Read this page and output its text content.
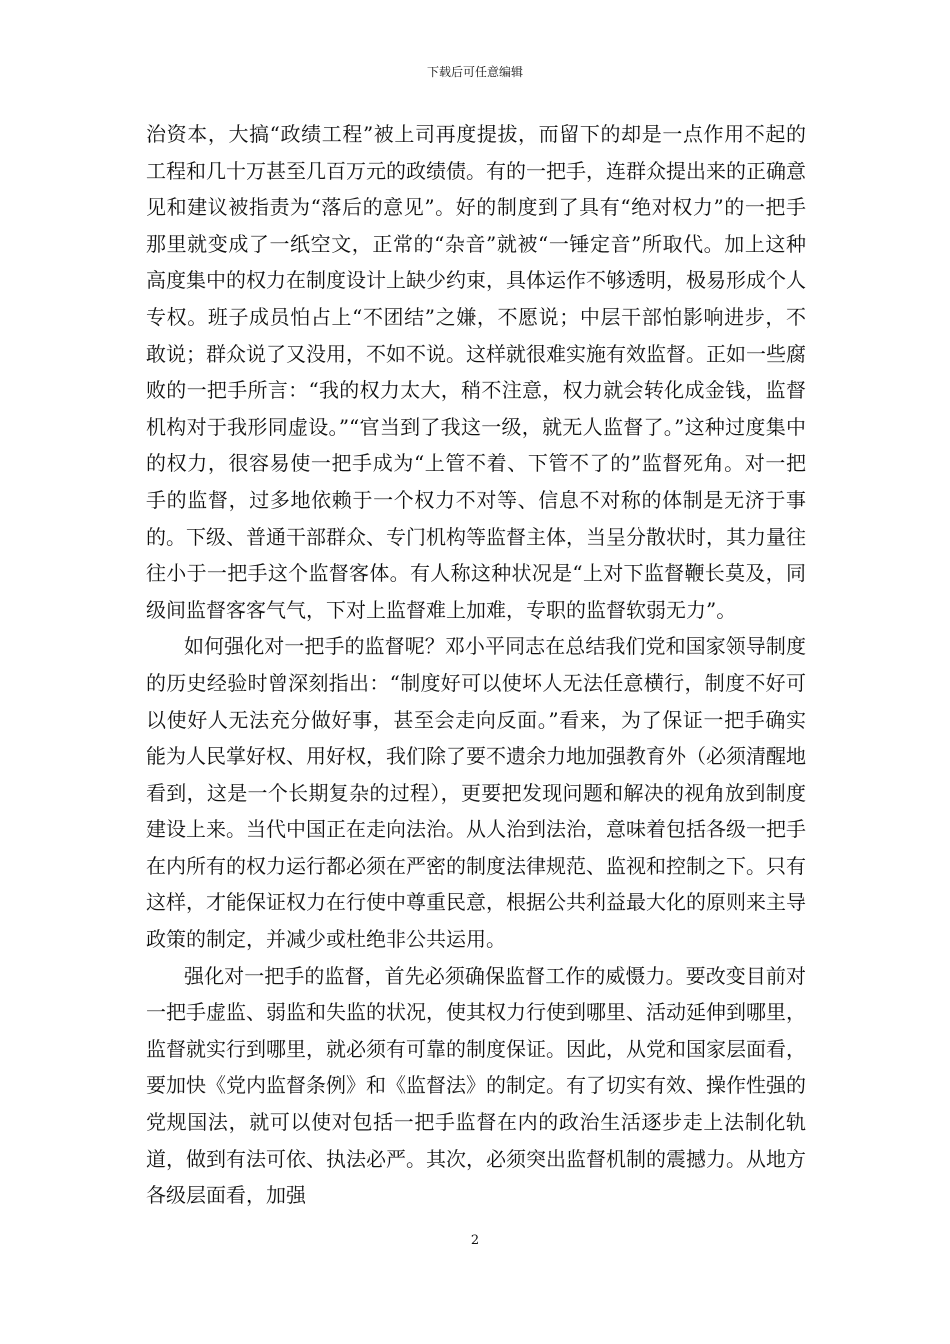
下载后可任意编辑

治资本，大搞“政绩工程”被上司再度提拔，而留下的却是一点作用不起的工程和几十万甚至几百万元的政绩债。有的一把手，连群众提出来的正确意见和建议被指责为“落后的意见”。好的制度到了具有“绝对权力”的一把手那里就变成了一纸空文，正常的“杂音”就被“一锤定音”所取代。加上这种高度集中的权力在制度设计上缺少约束，具体运作不够透明，极易形成个人专权。班子成员怕占上“不团结”之嫌，不愿说；中层干部怕影响进步，不敢说；群众说了又没用，不如不说。这样就很难实施有效监督。正如一些腐败的一把手所言：“我的权力太大，稍不注意，权力就会转化成金钱，监督机构对于我形同虚设。”“官当到了我这一级，就无人监督了。”这种过度集中的权力，很容易使一把手成为“上管不着、下管不了的”监督死角。对一把手的监督，过多地依赖于一个权力不对等、信息不对称的体制是无济于事的。下级、普通干部群众、专门机构等监督主体，当呈分散状时，其力量往往小于一把手这个监督客体。有人称这种状况是“上对下监督鞭长莫及，同级间监督客客气气，下对上监督难上加难，专职的监督软弱无力”。

如何强化对一把手的监督呢？邓小平同志在总结我们党和国家领导制度的历史经验时曾深刻指出：“制度好可以使坏人无法任意横行，制度不好可以使好人无法充分做好事，甚至会走向反面。”看来，为了保证一把手确实能为人民掌好权、用好权，我们除了要不遗余力地加强教育外（必须清醒地看到，这是一个长期复杂的过程），更要把发现问题和解决的视角放到制度建设上来。当代中国正在走向法治。从人治到法治，意味着包括各级一把手在内所有的权力运行都必须在严密的制度法律规范、监视和控制之下。只有这样，才能保证权力在行使中尊重民意，根据公共利益最大化的原则来主导政策的制定，并减少或杜绝非公共运用。

强化对一把手的监督，首先必须确保监督工作的威慑力。要改变目前对一把手虚监、弱监和失监的状况，使其权力行使到哪里、活动延伸到哪里，监督就实行到哪里，就必须有可靠的制度保证。因此，从党和国家层面看，要加快《党内监督条例》和《监督法》的制定。有了切实有效、操作性强的党规国法，就可以使对包括一把手监督在内的政治生活逐步走上法制化轨道，做到有法可依、执法必严。其次，必须突出监督机制的震撼力。从地方各级层面看，加强

2
